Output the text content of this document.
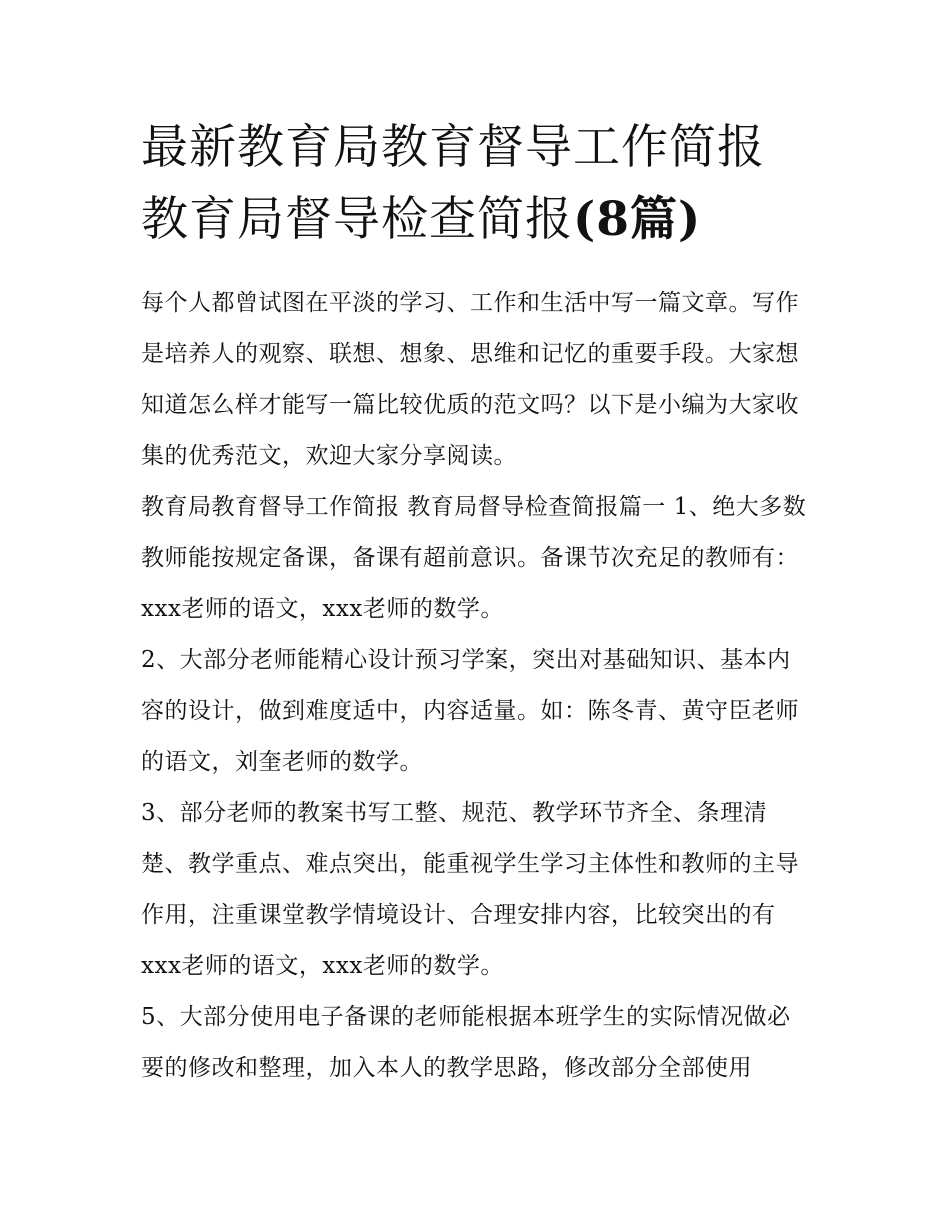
最新教育局教育督导工作简报
教育局督导检查简报(8篇)

每个人都曾试图在平淡的学习、工作和生活中写一篇文章。写作是培养人的观察、联想、想象、思维和记忆的重要手段。大家想知道怎么样才能写一篇比较优质的范文吗？以下是小编为大家收集的优秀范文，欢迎大家分享阅读。

教育局教育督导工作简报 教育局督导检查简报篇一 1、绝大多数教师能按规定备课，备课有超前意识。备课节次充足的教师有：xxx老师的语文，xxx老师的数学。

2、大部分老师能精心设计预习学案，突出对基础知识、基本内容的设计，做到难度适中，内容适量。如：陈冬青、黄守臣老师的语文，刘奎老师的数学。

3、部分老师的教案书写工整、规范、教学环节齐全、条理清楚、教学重点、难点突出，能重视学生学习主体性和教师的主导作用，注重课堂教学情境设计、合理安排内容，比较突出的有xxx老师的语文，xxx老师的数学。

5、大部分使用电子备课的老师能根据本班学生的实际情况做必要的修改和整理，加入本人的教学思路，修改部分全部使用
